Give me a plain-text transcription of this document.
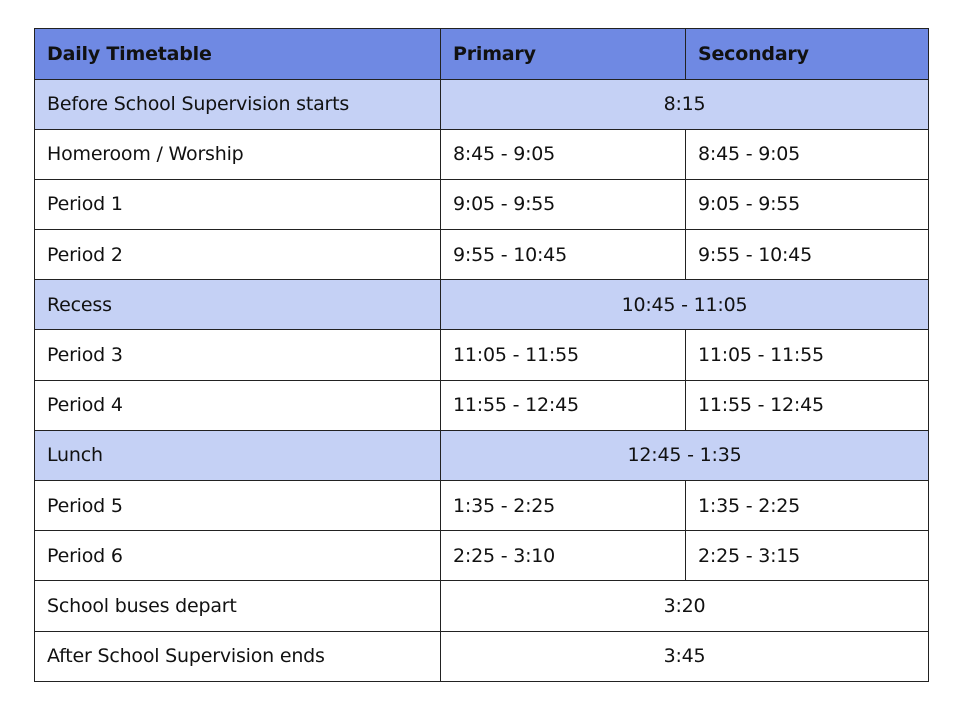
Daily Timetable	Primary	Secondary
Before School Supervision starts	8:15	
Homeroom / Worship	8:45 - 9:05	8:45 - 9:05
Period 1	9:05 - 9:55	9:05 - 9:55
Period 2	9:55 - 10:45	9:55 - 10:45
Recess	10:45 - 11:05	
Period 3	11:05 - 11:55	11:05 - 11:55
Period 4	11:55 - 12:45	11:55 - 12:45
Lunch	12:45 - 1:35	
Period 5	1:35 - 2:25	1:35 - 2:25
Period 6	2:25 - 3:10	2:25 - 3:15
School buses depart	3:20	
After School Supervision ends	3:45	
